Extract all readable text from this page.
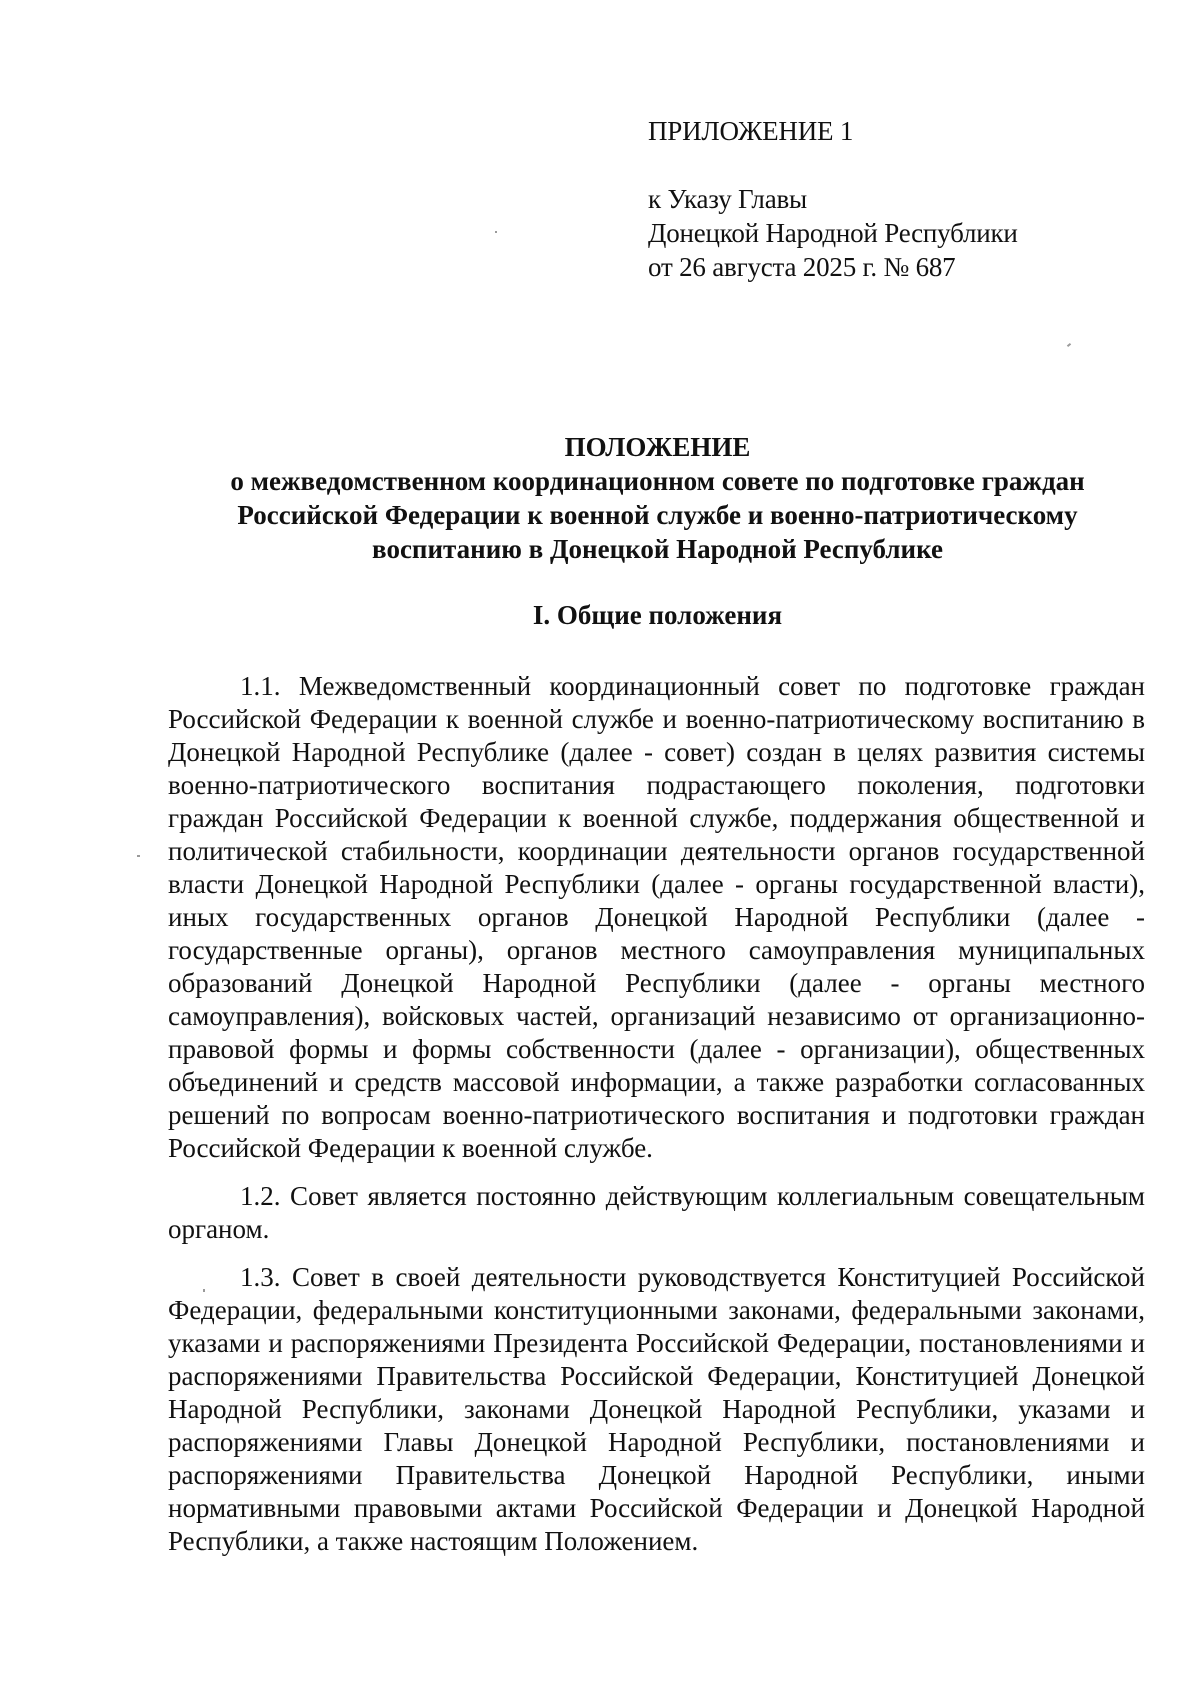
ПРИЛОЖЕНИЕ 1
к Указу Главы
Донецкой Народной Республики
от 26 августа 2025 г. № 687
ПОЛОЖЕНИЕ
о межведомственном координационном совете по подготовке граждан
Российской Федерации к военной службе и военно-патриотическому
воспитанию в Донецкой Народной Республике
I. Общие положения

1.1. Межведомственный координационный совет по подготовке граждан Российской Федерации к военной службе и военно-патриотическому воспитанию в Донецкой Народной Республике (далее - совет) создан в целях развития системы военно-патриотического воспитания подрастающего поколения, подготовки граждан Российской Федерации к военной службе, поддержания общественной и политической стабильности, координации деятельности органов государственной власти Донецкой Народной Республики (далее - органы государственной власти), иных государственных органов Донецкой Народной Республики (далее - государственные органы), органов местного самоуправления муниципальных образований Донецкой Народной Республики (далее - органы местного самоуправления), войсковых частей, организаций независимо от организационно-правовой формы и формы собственности (далее - организации), общественных объединений и средств массовой информации, а также разработки согласованных решений по вопросам военно-патриотического воспитания и подготовки граждан Российской Федерации к военной службе.

1.2. Совет является постоянно действующим коллегиальным совещательным органом.

1.3. Совет в своей деятельности руководствуется Конституцией Российской Федерации, федеральными конституционными законами, федеральными законами, указами и распоряжениями Президента Российской Федерации, постановлениями и распоряжениями Правительства Российской Федерации, Конституцией Донецкой Народной Республики, законами Донецкой Народной Республики, указами и распоряжениями Главы Донецкой Народной Республики, постановлениями и распоряжениями Правительства Донецкой Народной Республики, иными нормативными правовыми актами Российской Федерации и Донецкой Народной Республики, а также настоящим Положением.
